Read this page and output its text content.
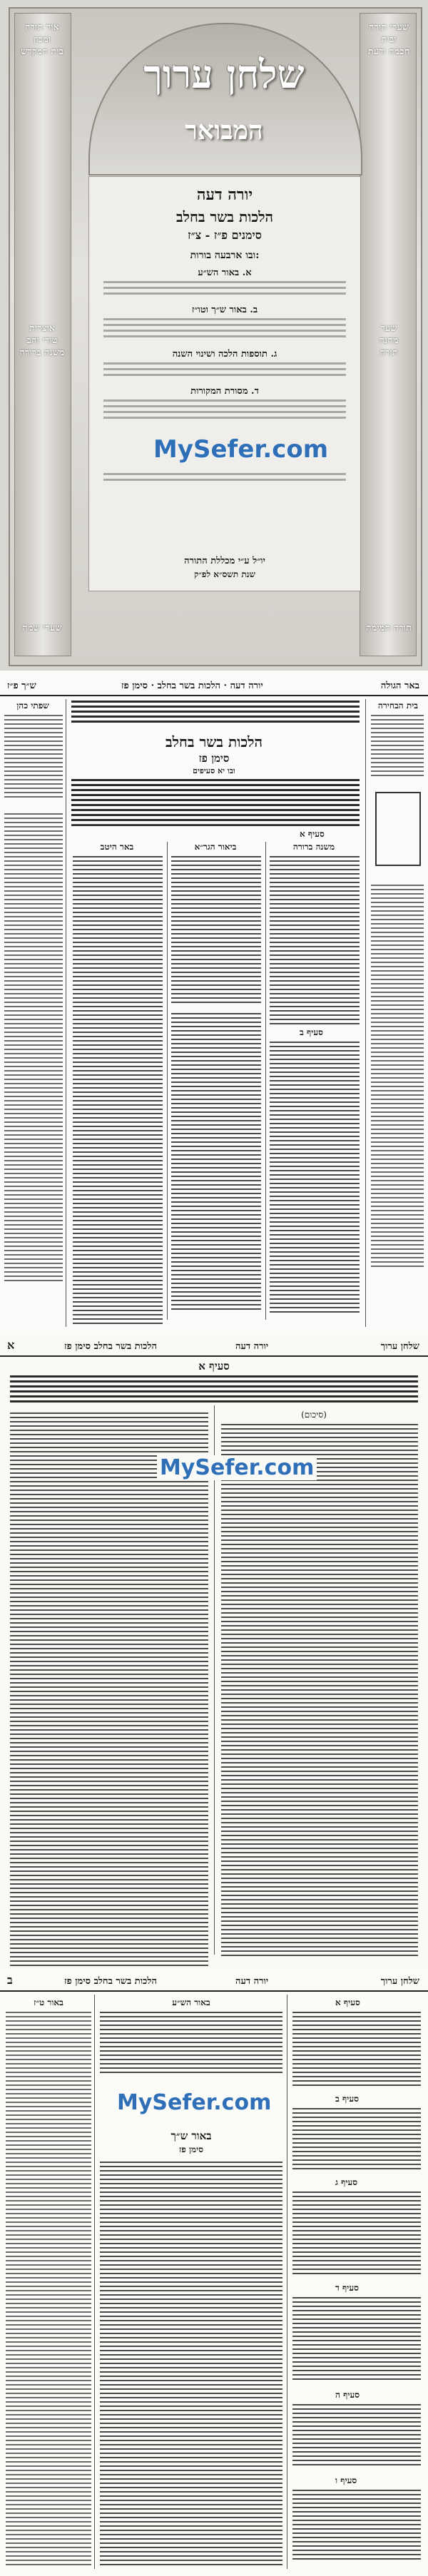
אור תורה
ומכון
בית המקדש
שערי תורה
ובית
חכמה ודעת
אוצרות
טורי זהב
משנה ברורה
שער
מחנה
תורה
שערי שמה	תורה תמימה
שלחן ערוך
המבואר
יורה דעה
הלכות בשר בחלב
סימנים פ״ז - צ״ז
ובו ארבעה בורות:
א. באור הש״ע
ב. באור ש״ך וטו״ז
ג. תוספות הלכה ושינוי השנה
ד. מסורת המקורות
MySefer.com
יו״ל ע״י מכללת התורה
שנת תשס״א לפ״ק
ש״ך פ״ז	יורה דעה · הלכות בשר בחלב · סימן פז	באר הגולה
בית הבחירה
שפתי כהן
הלכות בשר בחלב
סימן פז
ובו יא סעיפים
סעיף א
משנה ברורה
ביאור הגר״א
באר היטב
סעיף ב
א	הלכות בשר בחלב סימן פז	יורה דעה	שלחן ערוך
סעיף א
(סיכום)
MySefer.com
ב	הלכות בשר בחלב סימן פז	יורה דעה	שלחן ערוך
סעיף א
סעיף ב
סעיף ג
סעיף ד
סעיף ה
סעיף ו
באור הש״ע
MySefer.com
באור ש״ך
סימן פז
באור ט״ז
